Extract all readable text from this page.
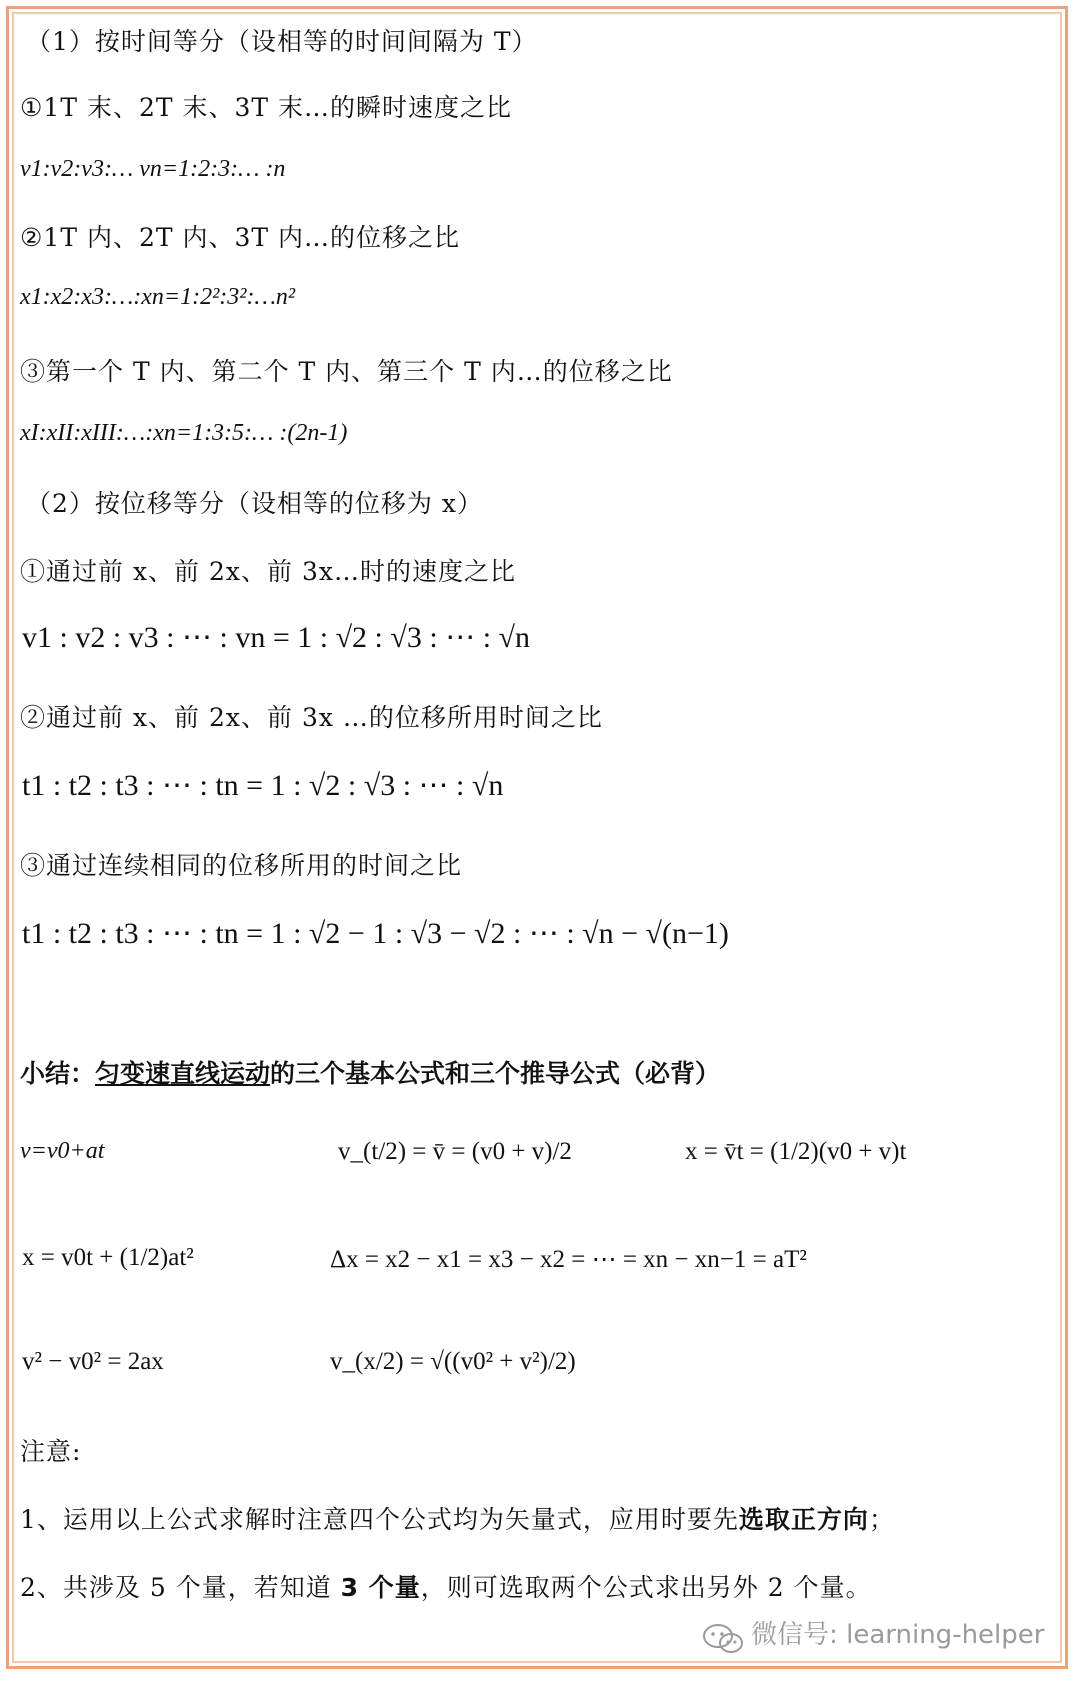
（1）按时间等分（设相等的时间间隔为 T）
①1T 末、2T 末、3T 末…的瞬时速度之比
v1:v2:v3:… vn=1:2:3:… :n
②1T 内、2T 内、3T 内…的位移之比
x1:x2:x3:…:xn=1:2²:3²:…n²
③第一个 T 内、第二个 T 内、第三个 T 内…的位移之比
xI:xII:xIII:…:xn=1:3:5:… :(2n-1)
（2）按位移等分（设相等的位移为 x）
①通过前 x、前 2x、前 3x…时的速度之比
v1 : v2 : v3 : ⋯ : vn = 1 : √2 : √3 : ⋯ : √n
②通过前 x、前 2x、前 3x …的位移所用时间之比
t1 : t2 : t3 : ⋯ : tn = 1 : √2 : √3 : ⋯ : √n
③通过连续相同的位移所用的时间之比
t1 : t2 : t3 : ⋯ : tn = 1 : √2 − 1 : √3 − √2 : ⋯ : √n − √(n−1)
小结：匀变速直线运动的三个基本公式和三个推导公式（必背）
v=v0+at	v_(t/2) = v̄ = (v0 + v)/2	x = v̄t = (1/2)(v0 + v)t
x = v0t + (1/2)at²	Δx = x2 − x1 = x3 − x2 = ⋯ = xn − xn−1 = aT²
v² − v0² = 2ax	v_(x/2) = √((v0² + v²)/2)
注意:
1、运用以上公式求解时注意四个公式均为矢量式，应用时要先选取正方向；
2、共涉及 5 个量，若知道 3 个量，则可选取两个公式求出另外 2 个量。
微信号: learning-helper
